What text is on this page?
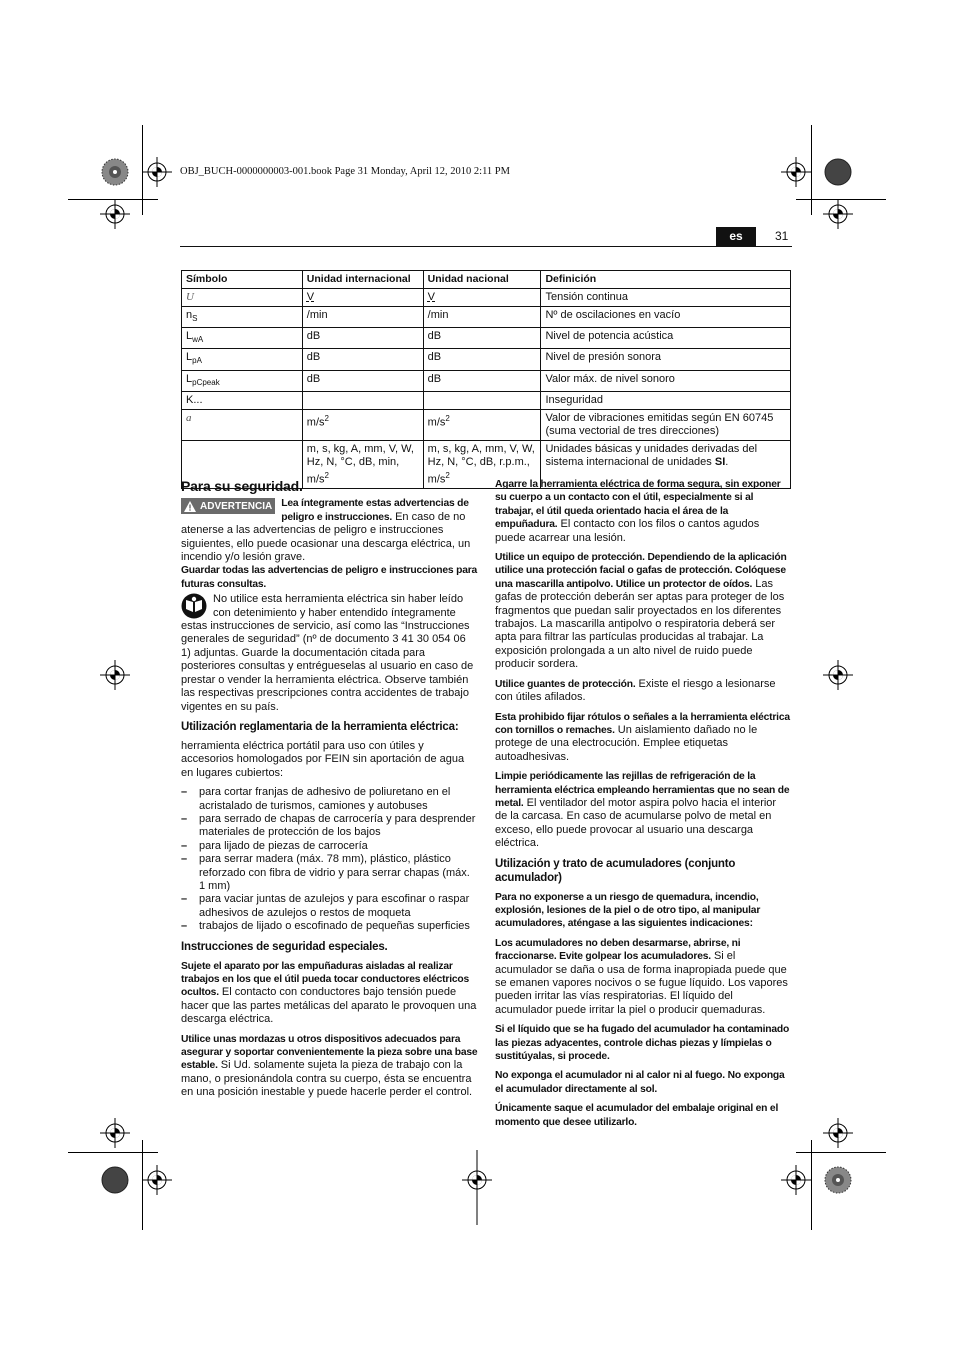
OBJ_BUCH-0000000003-001.book Page 31 Monday, April 12, 2010 2:11 PM
es	31
Símbolo	Unidad internacional	Unidad nacional	Definición
U	V	V	Tensión continua
$n_S$	/min	/min	Nº de oscilaciones en vacío
$L_{wA}$	dB	dB	Nivel de potencia acústica
$L_{pA}$	dB	dB	Nivel de presión sonora
$L_{pCpeak}$	dB	dB	Valor máx. de nivel sonoro
K...			Inseguridad
a	$m/s^2$	$m/s^2$	Valor de vibraciones emitidas según EN 60745 (suma vectorial de tres direcciones)
	m, s, kg, A, mm, V, W, Hz, N, °C, dB, min, $m/s^2$	m, s, kg, A, mm, V, W, Hz, N, °C, dB, r.p.m., $m/s^2$	Unidades básicas y unidades derivadas del sistema internacional de unidades SI.
Para su seguridad.

ADVERTENCIA Lea íntegramente estas advertencias de peligro e instrucciones. En caso de no atenerse a las advertencias de peligro e instrucciones siguientes, ello puede ocasionar una descarga eléctrica, un incendio y/o lesión grave.

Guardar todas las advertencias de peligro e instrucciones para futuras consultas.

No utilice esta herramienta eléctrica sin haber leído con detenimiento y haber entendido íntegramente estas instrucciones de servicio, así como las “Instrucciones generales de seguridad” (nº de documento 3 41 30 054 06 1) adjuntas. Guarde la documentación citada para posteriores consultas y entrégueselas al usuario en caso de prestar o vender la herramienta eléctrica. Observe también las respectivas prescripciones contra accidentes de trabajo vigentes en su país.

Utilización reglamentaria de la herramienta eléctrica:

herramienta eléctrica portátil para uso con útiles y accesorios homologados por FEIN sin aportación de agua en lugares cubiertos:

– para cortar franjas de adhesivo de poliuretano en el acristalado de turismos, camiones y autobuses
– para serrado de chapas de carrocería y para desprender materiales de protección de los bajos
– para lijado de piezas de carrocería
– para serrar madera (máx. 78 mm), plástico, plástico reforzado con fibra de vidrio y para serrar chapas (máx. 1 mm)
– para vaciar juntas de azulejos y para escofinar o raspar adhesivos de azulejos o restos de moqueta
– trabajos de lijado o escofinado de pequeñas superficies
Instrucciones de seguridad especiales.

Sujete el aparato por las empuñaduras aisladas al realizar trabajos en los que el útil pueda tocar conductores eléctricos ocultos. El contacto con conductores bajo tensión puede hacer que las partes metálicas del aparato le provoquen una descarga eléctrica.

Utilice unas mordazas u otros dispositivos adecuados para asegurar y soportar convenientemente la pieza sobre una base estable. Si Ud. solamente sujeta la pieza de trabajo con la mano, o presionándola contra su cuerpo, ésta se encuentra en una posición inestable y puede hacerle perder el control.

Agarre la herramienta eléctrica de forma segura, sin exponer su cuerpo a un contacto con el útil, especialmente si al trabajar, el útil queda orientado hacia el área de la empuñadura. El contacto con los filos o cantos agudos puede acarrear una lesión.

Utilice un equipo de protección. Dependiendo de la aplicación utilice una protección facial o gafas de protección. Colóquese una mascarilla antipolvo. Utilice un protector de oídos. Las gafas de protección deberán ser aptas para proteger de los fragmentos que puedan salir proyectados en los diferentes trabajos. La mascarilla antipolvo o respiratoria deberá ser apta para filtrar las partículas producidas al trabajar. La exposición prolongada a un alto nivel de ruido puede producir sordera.

Utilice guantes de protección. Existe el riesgo a lesionarse con útiles afilados.

Esta prohibido fijar rótulos o señales a la herramienta eléctrica con tornillos o remaches. Un aislamiento dañado no le protege de una electrocución. Emplee etiquetas autoadhesivas.

Limpie periódicamente las rejillas de refrigeración de la herramienta eléctrica empleando herramientas que no sean de metal. El ventilador del motor aspira polvo hacia el interior de la carcasa. En caso de acumularse polvo de metal en exceso, ello puede provocar al usuario una descarga eléctrica.

Utilización y trato de acumuladores (conjunto acumulador)

Para no exponerse a un riesgo de quemadura, incendio, explosión, lesiones de la piel o de otro tipo, al manipular acumuladores, aténgase a las siguientes indicaciones:

Los acumuladores no deben desarmarse, abrirse, ni fraccionarse. Evite golpear los acumuladores. Si el acumulador se daña o usa de forma inapropiada puede que se emanen vapores nocivos o se fugue líquido. Los vapores pueden irritar las vías respiratorias. El líquido del acumulador puede irritar la piel o producir quemaduras.

Si el líquido que se ha fugado del acumulador ha contaminado las piezas adyacentes, controle dichas piezas y límpielas o sustitúyalas, si procede.

No exponga el acumulador ni al calor ni al fuego. No exponga el acumulador directamente al sol.

Únicamente saque el acumulador del embalaje original en el momento que desee utilizarlo.
